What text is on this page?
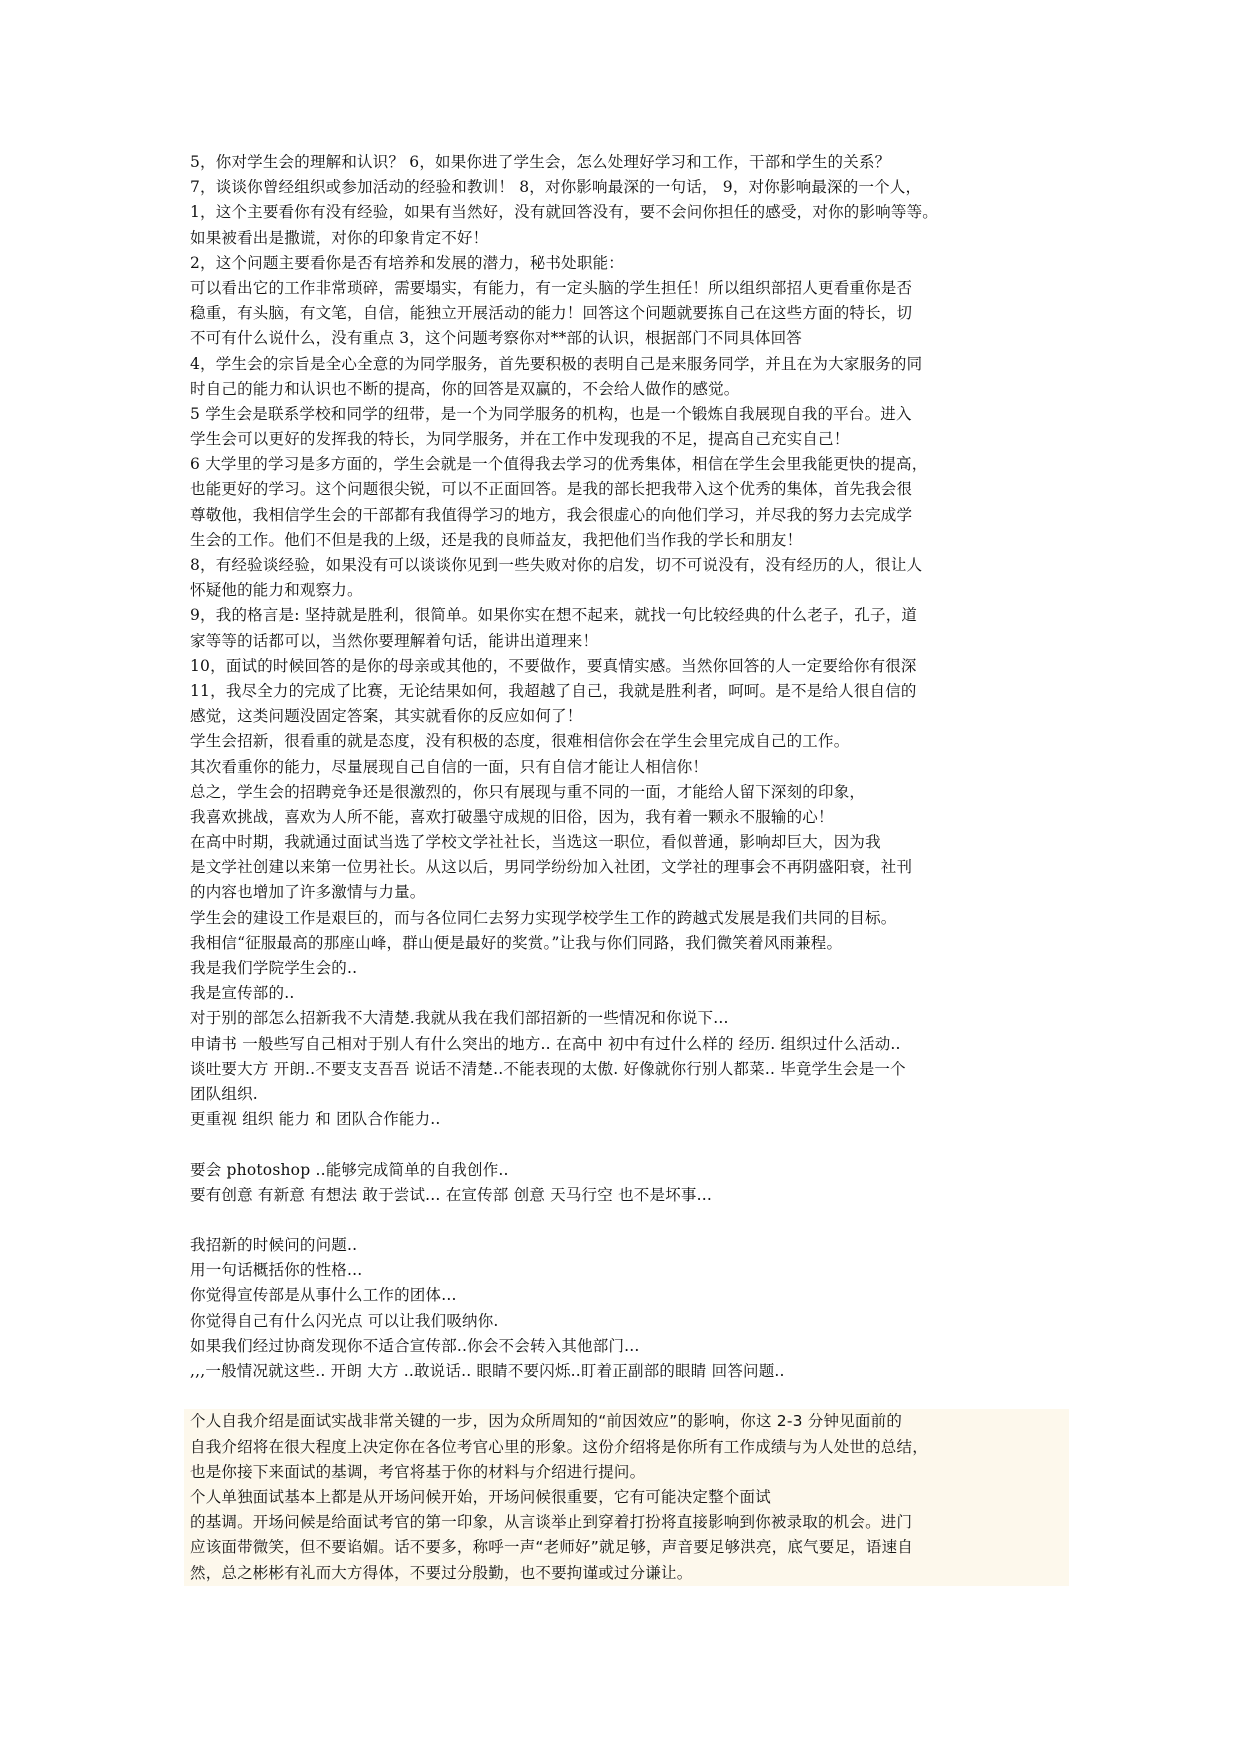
5，你对学生会的理解和认识？ 6，如果你进了学生会，怎么处理好学习和工作，干部和学生的关系？
7，谈谈你曾经组织或参加活动的经验和教训！ 8，对你影响最深的一句话， 9，对你影响最深的一个人，
1，这个主要看你有没有经验，如果有当然好，没有就回答没有，要不会问你担任的感受，对你的影响等等。
如果被看出是撒谎，对你的印象肯定不好！
2，这个问题主要看你是否有培养和发展的潜力，秘书处职能：
可以看出它的工作非常琐碎，需要塌实，有能力，有一定头脑的学生担任！所以组织部招人更看重你是否
稳重，有头脑，有文笔，自信，能独立开展活动的能力！回答这个问题就要拣自己在这些方面的特长，切
不可有什么说什么，没有重点 3，这个问题考察你对**部的认识，根据部门不同具体回答
4，学生会的宗旨是全心全意的为同学服务，首先要积极的表明自己是来服务同学，并且在为大家服务的同
时自己的能力和认识也不断的提高，你的回答是双赢的，不会给人做作的感觉。
5 学生会是联系学校和同学的纽带，是一个为同学服务的机构，也是一个锻炼自我展现自我的平台。进入
学生会可以更好的发挥我的特长，为同学服务，并在工作中发现我的不足，提高自己充实自己！
6 大学里的学习是多方面的，学生会就是一个值得我去学习的优秀集体，相信在学生会里我能更快的提高，
也能更好的学习。这个问题很尖锐，可以不正面回答。是我的部长把我带入这个优秀的集体，首先我会很
尊敬他，我相信学生会的干部都有我值得学习的地方，我会很虚心的向他们学习，并尽我的努力去完成学
生会的工作。他们不但是我的上级，还是我的良师益友，我把他们当作我的学长和朋友！
8，有经验谈经验，如果没有可以谈谈你见到一些失败对你的启发，切不可说没有，没有经历的人，很让人
怀疑他的能力和观察力。
9，我的格言是: 坚持就是胜利，很简单。如果你实在想不起来，就找一句比较经典的什么老子，孔子，道
家等等的话都可以，当然你要理解着句话，能讲出道理来！
10，面试的时候回答的是你的母亲或其他的，不要做作，要真情实感。当然你回答的人一定要给你有很深
11，我尽全力的完成了比赛，无论结果如何，我超越了自己，我就是胜利者，呵呵。是不是给人很自信的
感觉，这类问题没固定答案，其实就看你的反应如何了！
学生会招新，很看重的就是态度，没有积极的态度，很难相信你会在学生会里完成自己的工作。
其次看重你的能力，尽量展现自己自信的一面，只有自信才能让人相信你！
总之，学生会的招聘竞争还是很激烈的，你只有展现与重不同的一面，才能给人留下深刻的印象，
我喜欢挑战，喜欢为人所不能，喜欢打破墨守成规的旧俗，因为，我有着一颗永不服输的心！
在高中时期，我就通过面试当选了学校文学社社长，当选这一职位，看似普通，影响却巨大，因为我
是文学社创建以来第一位男社长。从这以后，男同学纷纷加入社团，文学社的理事会不再阴盛阳衰，社刊
的内容也增加了许多激情与力量。
学生会的建设工作是艰巨的，而与各位同仁去努力实现学校学生工作的跨越式发展是我们共同的目标。
我相信“征服最高的那座山峰，群山便是最好的奖赏。”让我与你们同路，我们微笑着风雨兼程。
我是我们学院学生会的..
我是宣传部的..
对于别的部怎么招新我不大清楚.我就从我在我们部招新的一些情况和你说下...
申请书 一般些写自己相对于别人有什么突出的地方.. 在高中 初中有过什么样的 经历. 组织过什么活动..
谈吐要大方 开朗..不要支支吾吾 说话不清楚..不能表现的太傲. 好像就你行别人都菜.. 毕竟学生会是一个
团队组织.
更重视 组织 能力 和 团队合作能力..
要会 photoshop ..能够完成简单的自我创作..
要有创意 有新意 有想法 敢于尝试... 在宣传部 创意 天马行空 也不是坏事...
我招新的时候问的问题..
用一句话概括你的性格...
你觉得宣传部是从事什么工作的团体...
你觉得自己有什么闪光点 可以让我们吸纳你.
如果我们经过协商发现你不适合宣传部..你会不会转入其他部门...
,,,一般情况就这些.. 开朗 大方 ..敢说话.. 眼睛不要闪烁..盯着正副部的眼睛 回答问题..
个人自我介绍是面试实战非常关键的一步，因为众所周知的“前因效应”的影响，你这 2-3 分钟见面前的
自我介绍将在很大程度上决定你在各位考官心里的形象。这份介绍将是你所有工作成绩与为人处世的总结，
也是你接下来面试的基调，考官将基于你的材料与介绍进行提问。
个人单独面试基本上都是从开场问候开始，开场问候很重要，它有可能决定整个面试
的基调。开场问候是给面试考官的第一印象，从言谈举止到穿着打扮将直接影响到你被录取的机会。进门
应该面带微笑，但不要谄媚。话不要多，称呼一声“老师好”就足够，声音要足够洪亮，底气要足，语速自
然，总之彬彬有礼而大方得体，不要过分殷勤，也不要拘谨或过分谦让。
